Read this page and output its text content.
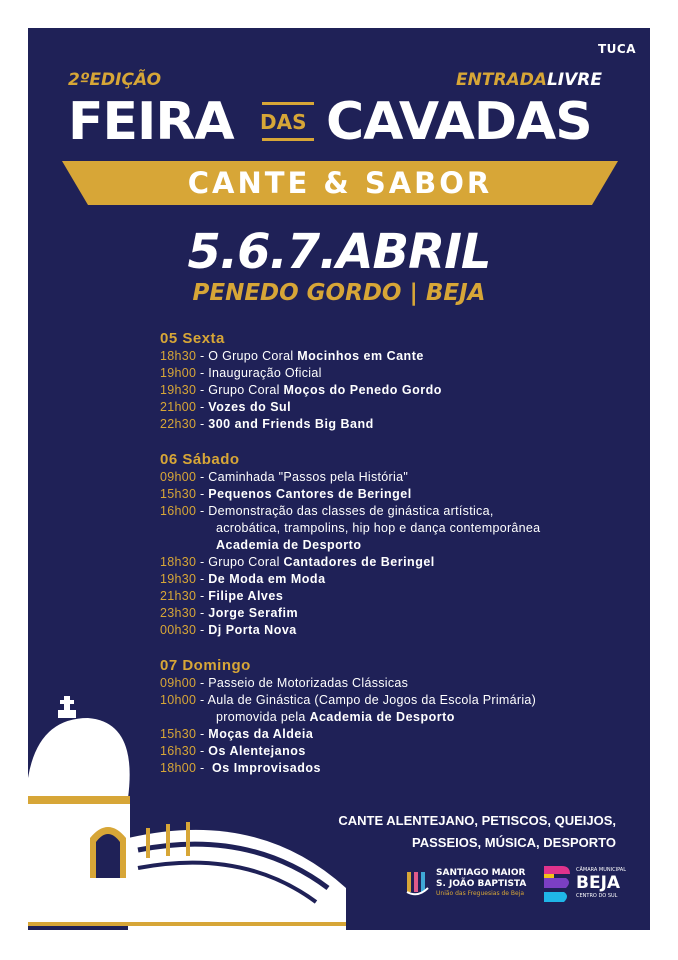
TUCA
2ºEDIÇÃO	ENTRADALIVRE
FEIRA DAS CAVADAS
CANTE & SABOR
5.6.7.ABRIL
PENEDO GORDO | BEJA
05 Sexta
18h30 - O Grupo Coral Mocinhos em Cante
19h00 - Inauguração Oficial
19h30 - Grupo Coral Moços do Penedo Gordo
21h00 - Vozes do Sul
22h30 - 300 and Friends Big Band
06 Sábado
09h00 - Caminhada "Passos pela História"
15h30 - Pequenos Cantores de Beringel
16h00 - Demonstração das classes de ginástica artística,
acrobática, trampolins, hip hop e dança contemporânea
Academia de Desporto
18h30 - Grupo Coral Cantadores de Beringel
19h30 - De Moda em Moda
21h30 - Filipe Alves
23h30 - Jorge Serafim
00h30 - Dj Porta Nova
07 Domingo
09h00 - Passeio de Motorizadas Clássicas
10h00 - Aula de Ginástica (Campo de Jogos da Escola Primária)
promovida pela Academia de Desporto
15h30 - Moças da Aldeia
16h30 - Os Alentejanos
18h00 -  Os Improvisados
CANTE ALENTEJANO, PETISCOS, QUEIJOS,
PASSEIOS, MÚSICA, DESPORTO
SANTIAGO MAIOR
S. JOÃO BAPTISTA
União das Freguesias de Beja
CÂMARA MUNICIPAL
BEJA
CENTRO DO SUL
